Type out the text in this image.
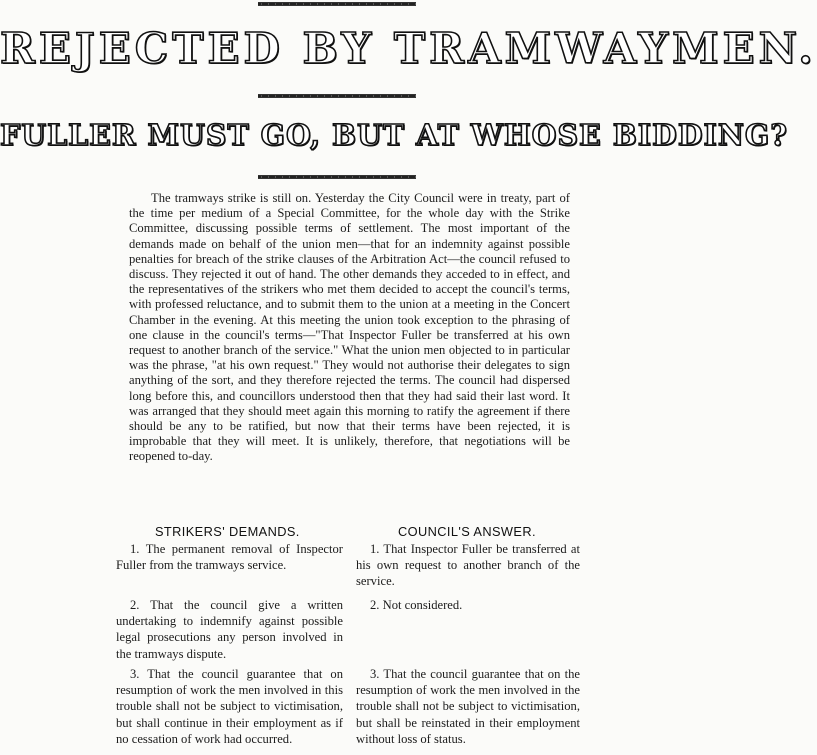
REJECTED BY TRAMWAYMEN.
FULLER MUST GO, BUT AT WHOSE BIDDING?

The tramways strike is still on. Yesterday the City Council were in treaty, part of the time per medium of a Special Committee, for the whole day with the Strike Committee, discussing possible terms of settlement. The most important of the demands made on behalf of the union men—that for an indemnity against possible penalties for breach of the strike clauses of the Arbitration Act—the council refused to discuss. They rejected it out of hand. The other demands they acceded to in effect, and the representatives of the strikers who met them decided to accept the council's terms, with professed reluctance, and to submit them to the union at a meeting in the Concert Chamber in the evening. At this meeting the union took exception to the phrasing of one clause in the council's terms—"That Inspector Fuller be transferred at his own request to another branch of the service." What the union men objected to in particular was the phrase, "at his own request." They would not authorise their delegates to sign anything of the sort, and they therefore rejected the terms. The council had dispersed long before this, and councillors understood then that they had said their last word. It was arranged that they should meet again this morning to ratify the agreement if there should be any to be ratified, but now that their terms have been rejected, it is improbable that they will meet. It is unlikely, therefore, that negotiations will be reopened to-day.

STRIKERS' DEMANDS.	COUNCIL'S ANSWER.

1. The permanent removal of Inspector Fuller from the tramways service.

2. That the council give a written undertaking to indemnify against possible legal prosecutions any person involved in the tramways dispute.

3. That the council guarantee that on resumption of work the men involved in this trouble shall not be subject to victimisation, but shall continue in their employment as if no cessation of work had occurred.

1. That Inspector Fuller be transferred at his own request to another branch of the service.

2. Not considered.

3. That the council guarantee that on the resumption of work the men involved in the trouble shall not be subject to victimisation, but shall be reinstated in their employment without loss of status.
